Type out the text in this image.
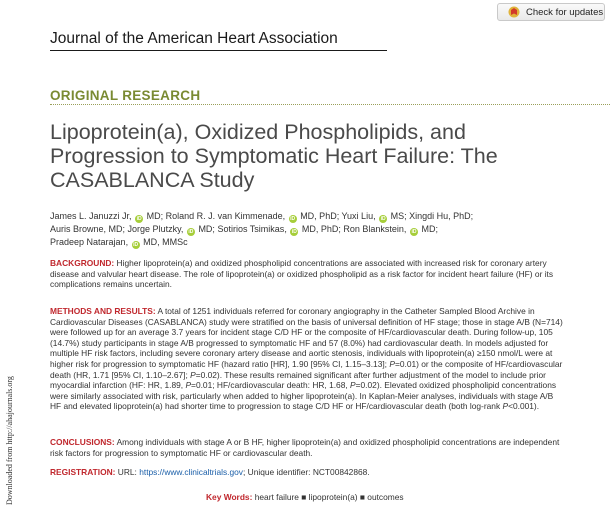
Check for updates
Journal of the American Heart Association
ORIGINAL RESEARCH
Lipoprotein(a), Oxidized Phospholipids, and Progression to Symptomatic Heart Failure: The CASABLANCA Study
James L. Januzzi Jr, iD MD; Roland R. J. van Kimmenade, iD MD, PhD; Yuxi Liu, iD MS; Xingdi Hu, PhD;
Auris Browne, MD; Jorge Plutzky, iD MD; Sotirios Tsimikas, iD MD, PhD; Ron Blankstein, iD MD;
Pradeep Natarajan, iD MD, MMSc

BACKGROUND: Higher lipoprotein(a) and oxidized phospholipid concentrations are associated with increased risk for coronary artery disease and valvular heart disease. The role of lipoprotein(a) or oxidized phospholipid as a risk factor for incident heart failure (HF) or its complications remains uncertain.

METHODS AND RESULTS: A total of 1251 individuals referred for coronary angiography in the Catheter Sampled Blood Archive in Cardiovascular Diseases (CASABLANCA) study were stratified on the basis of universal definition of HF stage; those in stage A/B (N=714) were followed up for an average 3.7 years for incident stage C/D HF or the composite of HF/cardiovascular death. During follow-up, 105 (14.7%) study participants in stage A/B progressed to symptomatic HF and 57 (8.0%) had cardiovascular death. In models adjusted for multiple HF risk factors, including severe coronary artery disease and aortic stenosis, individuals with lipoprotein(a) ≥150 nmol/L were at higher risk for progression to symptomatic HF (hazard ratio [HR], 1.90 [95% CI, 1.15–3.13]; P=0.01) or the composite of HF/cardiovascular death (HR, 1.71 [95% CI, 1.10–2.67]; P=0.02). These results remained significant after further adjustment of the model to include prior myocardial infarction (HF: HR, 1.89, P=0.01; HF/cardiovascular death: HR, 1.68, P=0.02). Elevated oxidized phospholipid concentrations were similarly associated with risk, particularly when added to higher lipoprotein(a). In Kaplan-Meier analyses, individuals with stage A/B HF and elevated lipoprotein(a) had shorter time to progression to stage C/D HF or HF/cardiovascular death (both log-rank P<0.001).

CONCLUSIONS: Among individuals with stage A or B HF, higher lipoprotein(a) and oxidized phospholipid concentrations are independent risk factors for progression to symptomatic HF or cardiovascular death.

REGISTRATION: URL: https://www.clinicaltrials.gov; Unique identifier: NCT00842868.

Key Words: heart failure ■ lipoprotein(a) ■ outcomes
Downloaded from http://ahajournals.org
